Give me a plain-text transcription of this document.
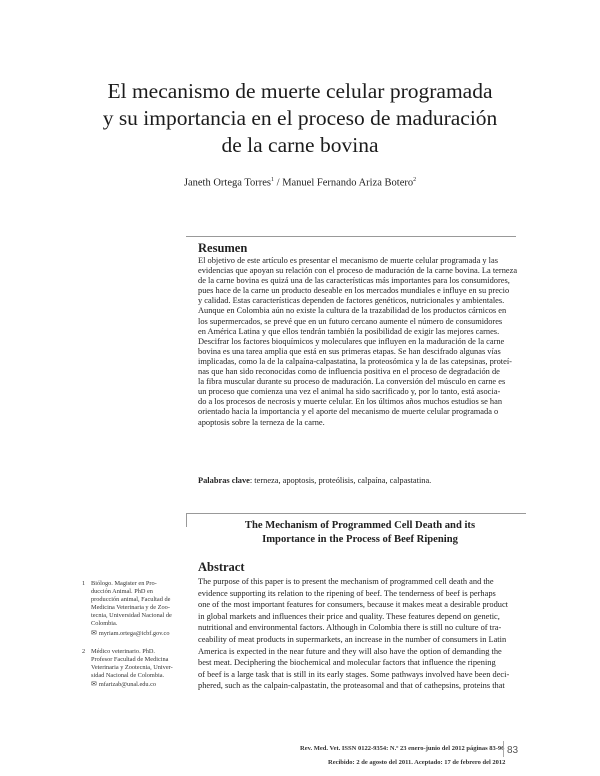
El mecanismo de muerte celular programada
y su importancia en el proceso de maduración
de la carne bovina
Janeth Ortega Torres$^1$ / Manuel Fernando Ariza Botero$^2$
Resumen
El objetivo de este artículo es presentar el mecanismo de muerte celular programada y las
evidencias que apoyan su relación con el proceso de maduración de la carne bovina. La terneza
de la carne bovina es quizá una de las características más importantes para los consumidores,
pues hace de la carne un producto deseable en los mercados mundiales e influye en su precio
y calidad. Estas características dependen de factores genéticos, nutricionales y ambientales.
Aunque en Colombia aún no existe la cultura de la trazabilidad de los productos cárnicos en
los supermercados, se prevé que en un futuro cercano aumente el número de consumidores
en América Latina y que ellos tendrán también la posibilidad de exigir las mejores carnes.
Descifrar los factores bioquímicos y moleculares que influyen en la maduración de la carne
bovina es una tarea amplia que está en sus primeras etapas. Se han descifrado algunas vías
implicadas, como la de la calpaína-calpastatina, la proteosómica y la de las catepsinas, proteí-
nas que han sido reconocidas como de influencia positiva en el proceso de degradación de
la fibra muscular durante su proceso de maduración. La conversión del músculo en carne es
un proceso que comienza una vez el animal ha sido sacrificado y, por lo tanto, está asocia-
do a los procesos de necrosis y muerte celular. En los últimos años muchos estudios se han
orientado hacia la importancia y el aporte del mecanismo de muerte celular programada o
apoptosis sobre la terneza de la carne.
Palabras clave: terneza, apoptosis, proteólisis, calpaína, calpastatina.
The Mechanism of Programmed Cell Death and its
Importance in the Process of Beef Ripening
Abstract
The purpose of this paper is to present the mechanism of programmed cell death and the
evidence supporting its relation to the ripening of beef. The tenderness of beef is perhaps
one of the most important features for consumers, because it makes meat a desirable product
in global markets and influences their price and quality. These features depend on genetic,
nutritional and environmental factors. Although in Colombia there is still no culture of tra-
ceability of meat products in supermarkets, an increase in the number of consumers in Latin
America is expected in the near future and they will also have the option of demanding the
best meat. Deciphering the biochemical and molecular factors that influence the ripening
of beef is a large task that is still in its early stages. Some pathways involved have been deci-
phered, such as the calpain-calpastatin, the proteasomal and that of cathepsins, proteins that
1 Biólogo. Magister en Pro-
ducción Animal. PhD en
producción animal, Facultad de
Medicina Veterinaria y de Zoo-
tecnia, Universidad Nacional de
Colombia.
✉ myriam.ortega@icbf.gov.co
2 Médico veterinario. PhD.
Profesor Facultad de Medicina
Veterinaria y Zootecnia, Univer-
sidad Nacional de Colombia.
✉ mfarizab@unal.edu.co
Rev. Med. Vet. ISSN 0122-9354: N.º 23 enero-junio del 2012 páginas 83-96
Recibido: 2 de agosto del 2011. Aceptado: 17 de febrero del 2012
83
